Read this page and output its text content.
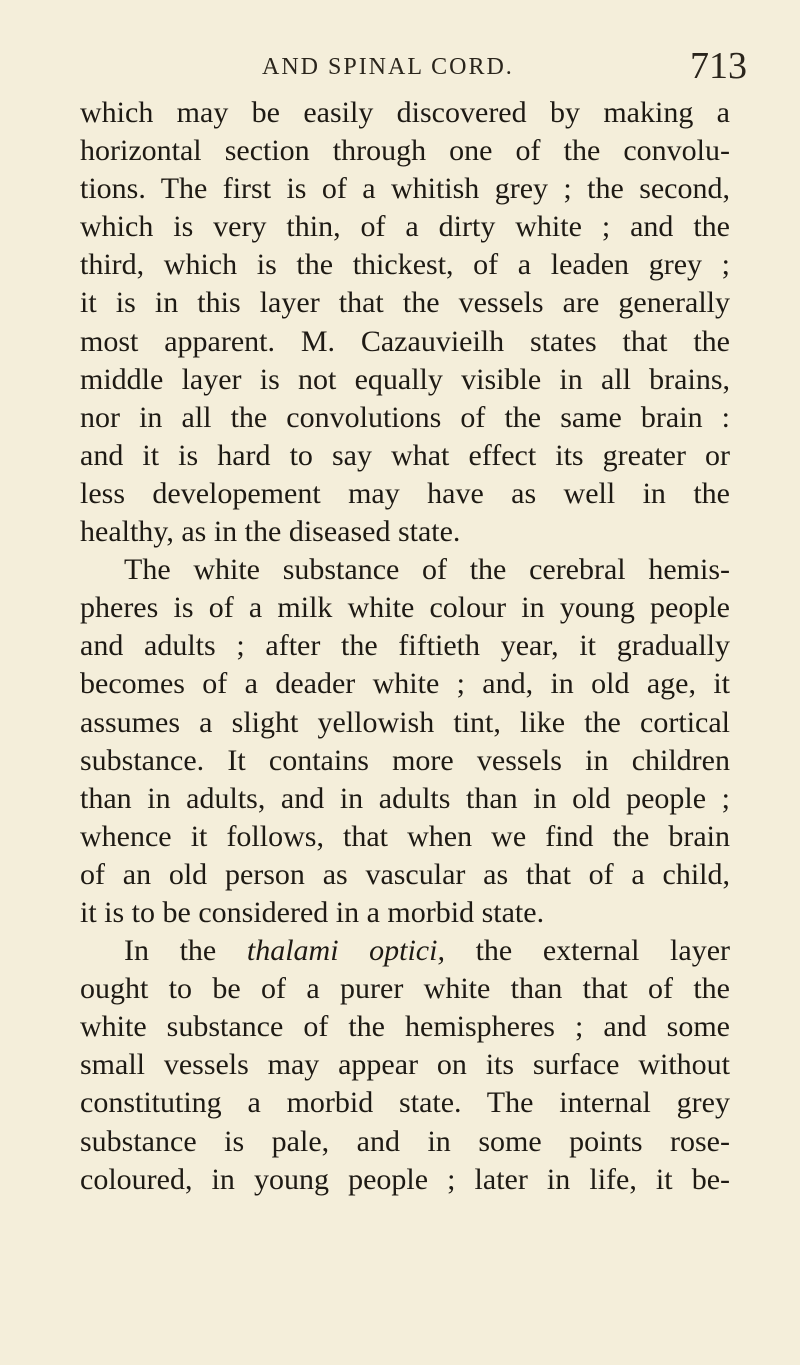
AND SPINAL CORD.	713
which may be easily discovered by making a
horizontal section through one of the convolu-
tions. The first is of a whitish grey ; the second,
which is very thin, of a dirty white ; and the
third, which is the thickest, of a leaden grey ;
it is in this layer that the vessels are generally
most apparent. M. Cazauvieilh states that the
middle layer is not equally visible in all brains,
nor in all the convolutions of the same brain :
and it is hard to say what effect its greater or
less developement may have as well in the
healthy, as in the diseased state.
The white substance of the cerebral hemis-
pheres is of a milk white colour in young people
and adults ; after the fiftieth year, it gradually
becomes of a deader white ; and, in old age, it
assumes a slight yellowish tint, like the cortical
substance. It contains more vessels in children
than in adults, and in adults than in old people ;
whence it follows, that when we find the brain
of an old person as vascular as that of a child,
it is to be considered in a morbid state.
In the thalami optici, the external layer
ought to be of a purer white than that of the
white substance of the hemispheres ; and some
small vessels may appear on its surface without
constituting a morbid state. The internal grey
substance is pale, and in some points rose-
coloured, in young people ; later in life, it be-
